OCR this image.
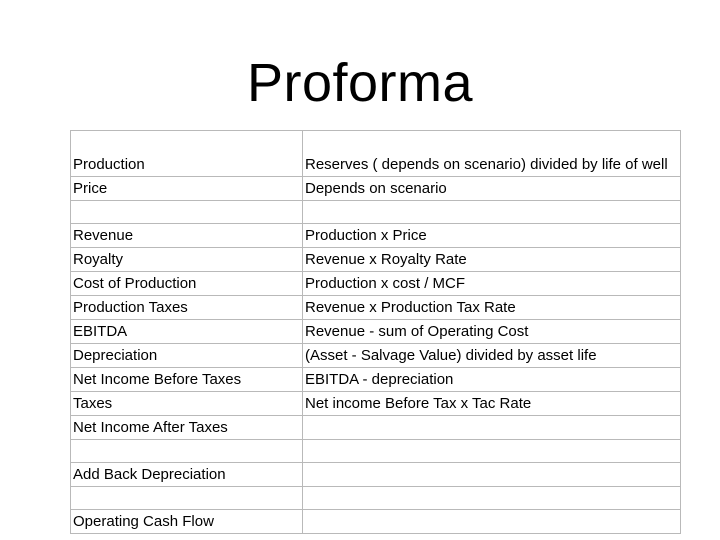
Proforma
Production	Reserves ( depends on scenario) divided by life of well
Price	Depends on scenario

Revenue	Production x Price
Royalty	Revenue x Royalty Rate
Cost of Production	Production x cost / MCF
Production Taxes	Revenue x Production Tax Rate
EBITDA	Revenue - sum of Operating Cost
Depreciation	(Asset - Salvage Value) divided by asset life
Net Income Before Taxes	EBITDA - depreciation
Taxes	Net income Before Tax x Tac Rate
Net Income After Taxes	

Add Back Depreciation	

Operating Cash Flow	
